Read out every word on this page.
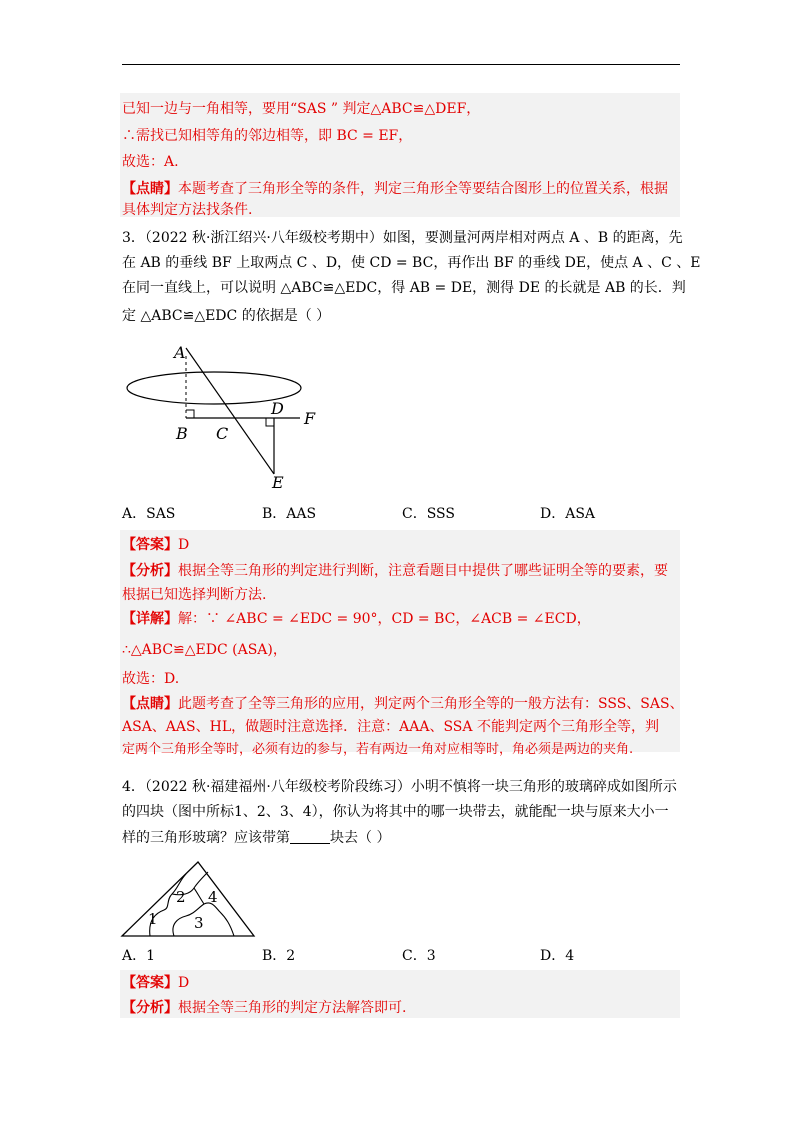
已知一边与一角相等，要用“SAS ” 判定△ABC≌△DEF，
∴需找已知相等角的邻边相等，即 BC = EF，
故选：A.
【点睛】本题考查了三角形全等的条件，判定三角形全等要结合图形上的位置关系，根据
具体判定方法找条件.
3．（2022 秋·浙江绍兴·八年级校考期中）如图，要测量河两岸相对两点 A 、B 的距离，先
在 AB 的垂线 BF 上取两点 C 、D，使 CD = BC，再作出 BF 的垂线 DE，使点 A 、C 、E
在同一直线上，可以说明 △ABC≌△EDC，得 AB = DE，测得 DE 的长就是 AB 的长．判
定 △ABC≌△EDC 的依据是（ ）
A
B C
D
F
E
A．SAS	B．AAS	C．SSS	D．ASA
【答案】D
【分析】根据全等三角形的判定进行判断，注意看题目中提供了哪些证明全等的要素，要
根据已知选择判断方法.
【详解】解：∵ ∠ABC = ∠EDC = 90°，CD = BC，∠ACB = ∠ECD，
∴△ABC≌△EDC (ASA)，
故选：D.
【点睛】此题考查了全等三角形的应用，判定两个三角形全等的一般方法有：SSS、SAS、
ASA、AAS、HL，做题时注意选择．注意：AAA、SSA 不能判定两个三角形全等，判
定两个三角形全等时，必须有边的参与，若有两边一角对应相等时，角必须是两边的夹角.
4．（2022 秋·福建福州·八年级校考阶段练习）小明不慎将一块三角形的玻璃碎成如图所示
的四块（图中所标1、2、3、4），你认为将其中的哪一块带去，就能配一块与原来大小一
样的三角形玻璃？应该带第	块去（ ）
1
2
3
4
A．1	B．2	C．3	D．4
【答案】D
【分析】根据全等三角形的判定方法解答即可.
